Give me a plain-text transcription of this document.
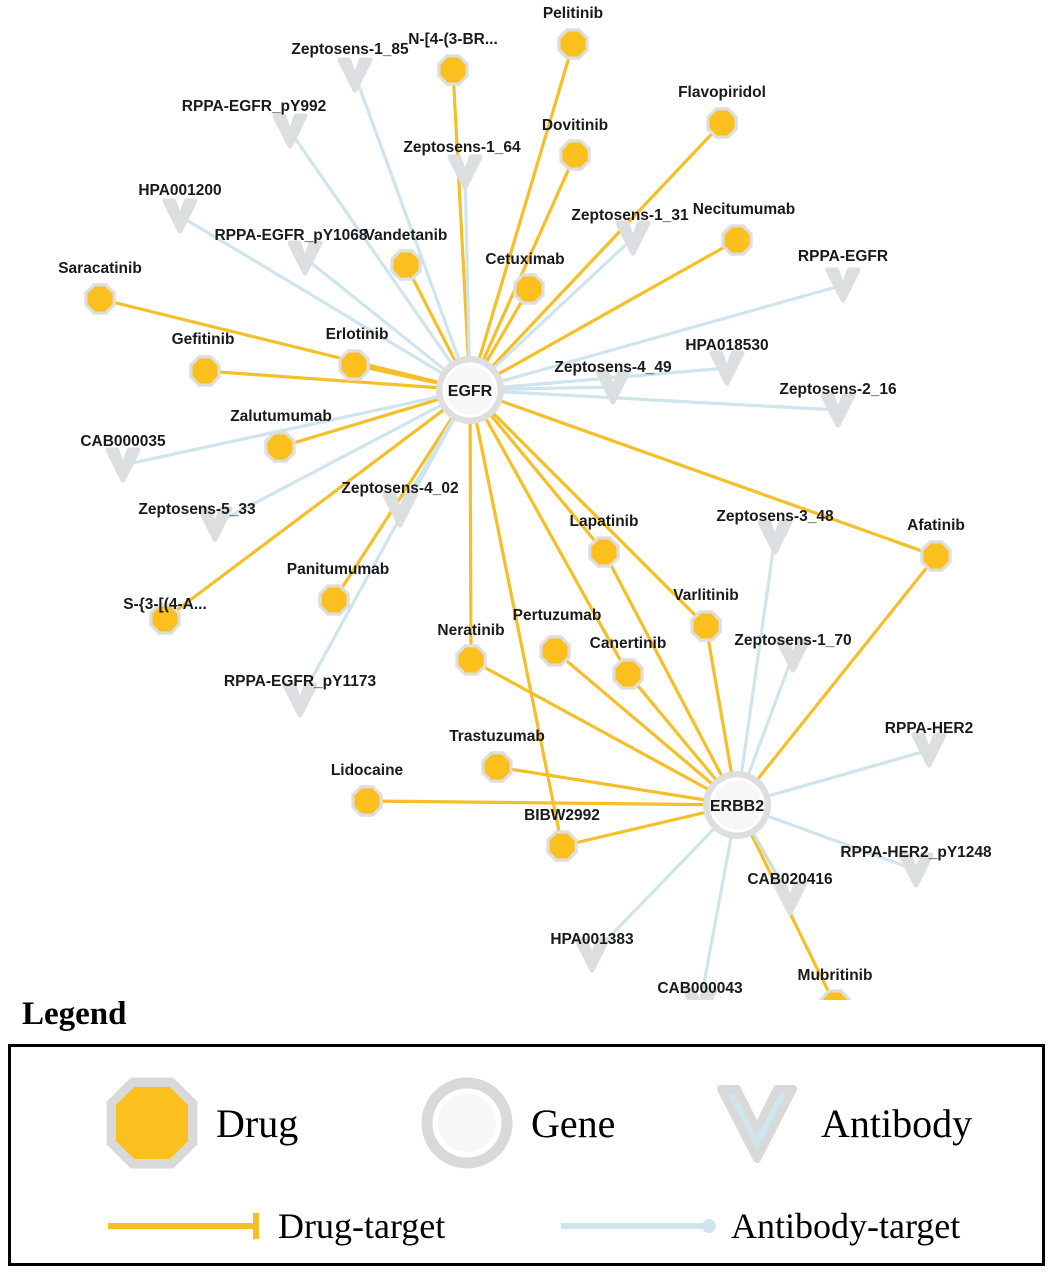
Pelitinib
N-[4-(3-BR...
Flavopiridol
Dovitinib
Necitumumab
Vandetanib
Cetuximab
Saracatinib
Erlotinib
Gefitinib
Zalutumumab
Lapatinib	Afatinib
Panitumumab
S-{3-[(4-A...
Varlitinib
Neratinib
Pertuzumab
Canertinib
Trastuzumab
Lidocaine
BIBW2992
Mubritinib
Zeptosens-1_85
RPPA-EGFR_pY992
Zeptosens-1_64
HPA001200
Zeptosens-1_31
RPPA-EGFR_pY1068
RPPA-EGFR
HPA018530
Zeptosens-4_49
Zeptosens-2_16
CAB000035
Zeptosens-5_33
Zeptosens-4_02
Zeptosens-3_48
Zeptosens-1_70
RPPA-EGFR_pY1173
RPPA-HER2
RPPA-HER2_pY1248
CAB020416
HPA001383
CAB000043
EGFR
ERBB2
Legend
Drug	Gene	Antibody
Drug-target	Antibody-target
